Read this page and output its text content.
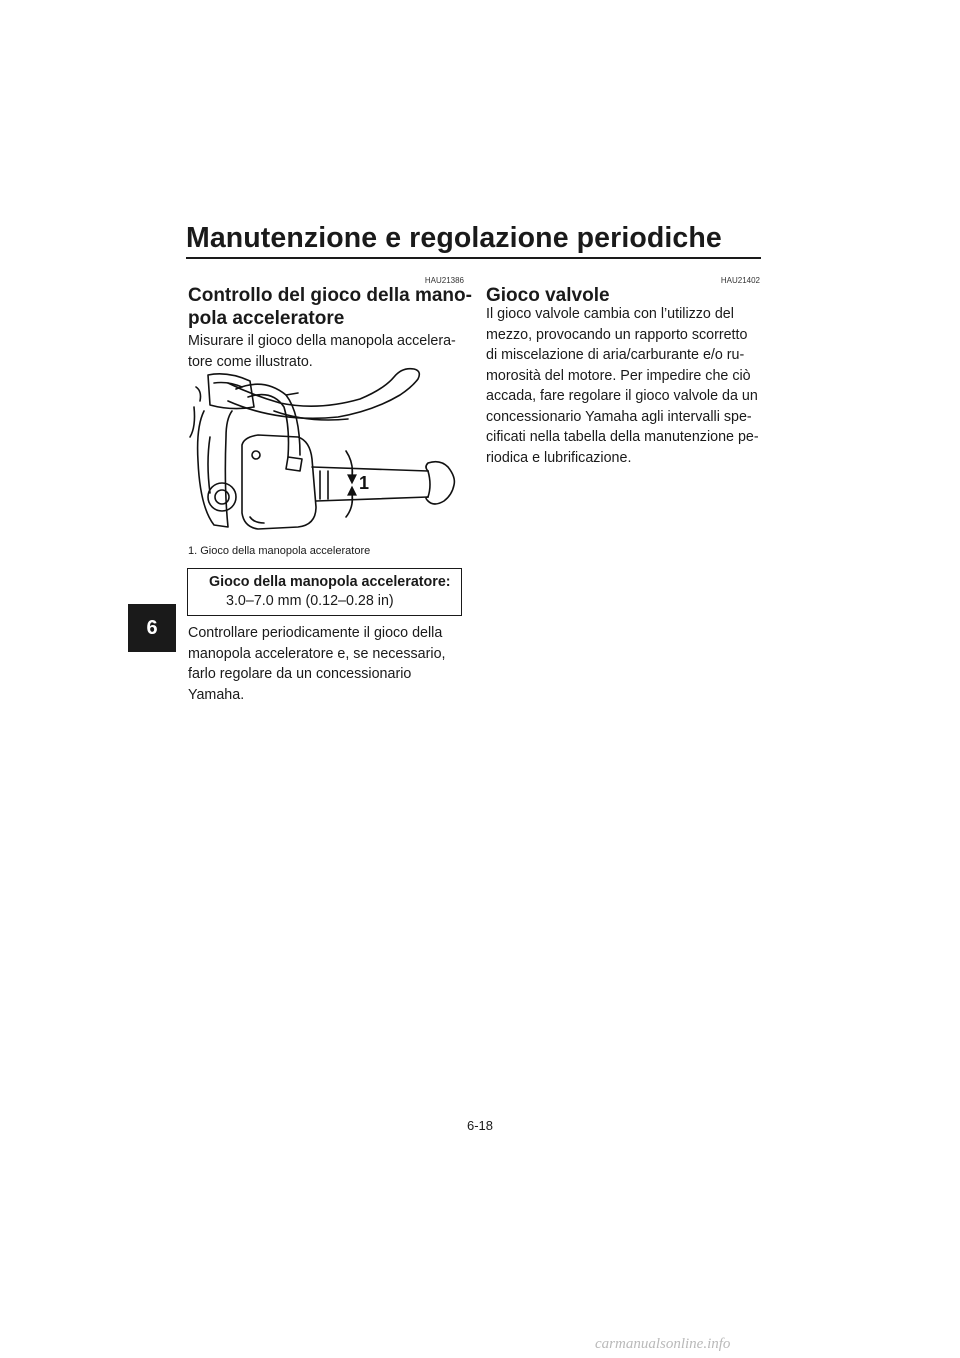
Manutenzione e regolazione periodiche
6
HAU21386
Controllo del gioco della mano-
pola acceleratore

Misurare il gioco della manopola accelera-
tore come illustrato.

1
1. Gioco della manopola acceleratore
Gioco della manopola acceleratore:
3.0–7.0 mm (0.12–0.28 in)
Controllare periodicamente il gioco della
manopola acceleratore e, se necessario,
farlo regolare da un concessionario
Yamaha.
HAU21402
Gioco valvole
Il gioco valvole cambia con l’utilizzo del
mezzo, provocando un rapporto scorretto
di miscelazione di aria/carburante e/o ru-
morosità del motore. Per impedire che ciò
accada, fare regolare il gioco valvole da un
concessionario Yamaha agli intervalli spe-
cificati nella tabella della manutenzione pe-
riodica e lubrificazione.
6-18
carmanualsonline.info
